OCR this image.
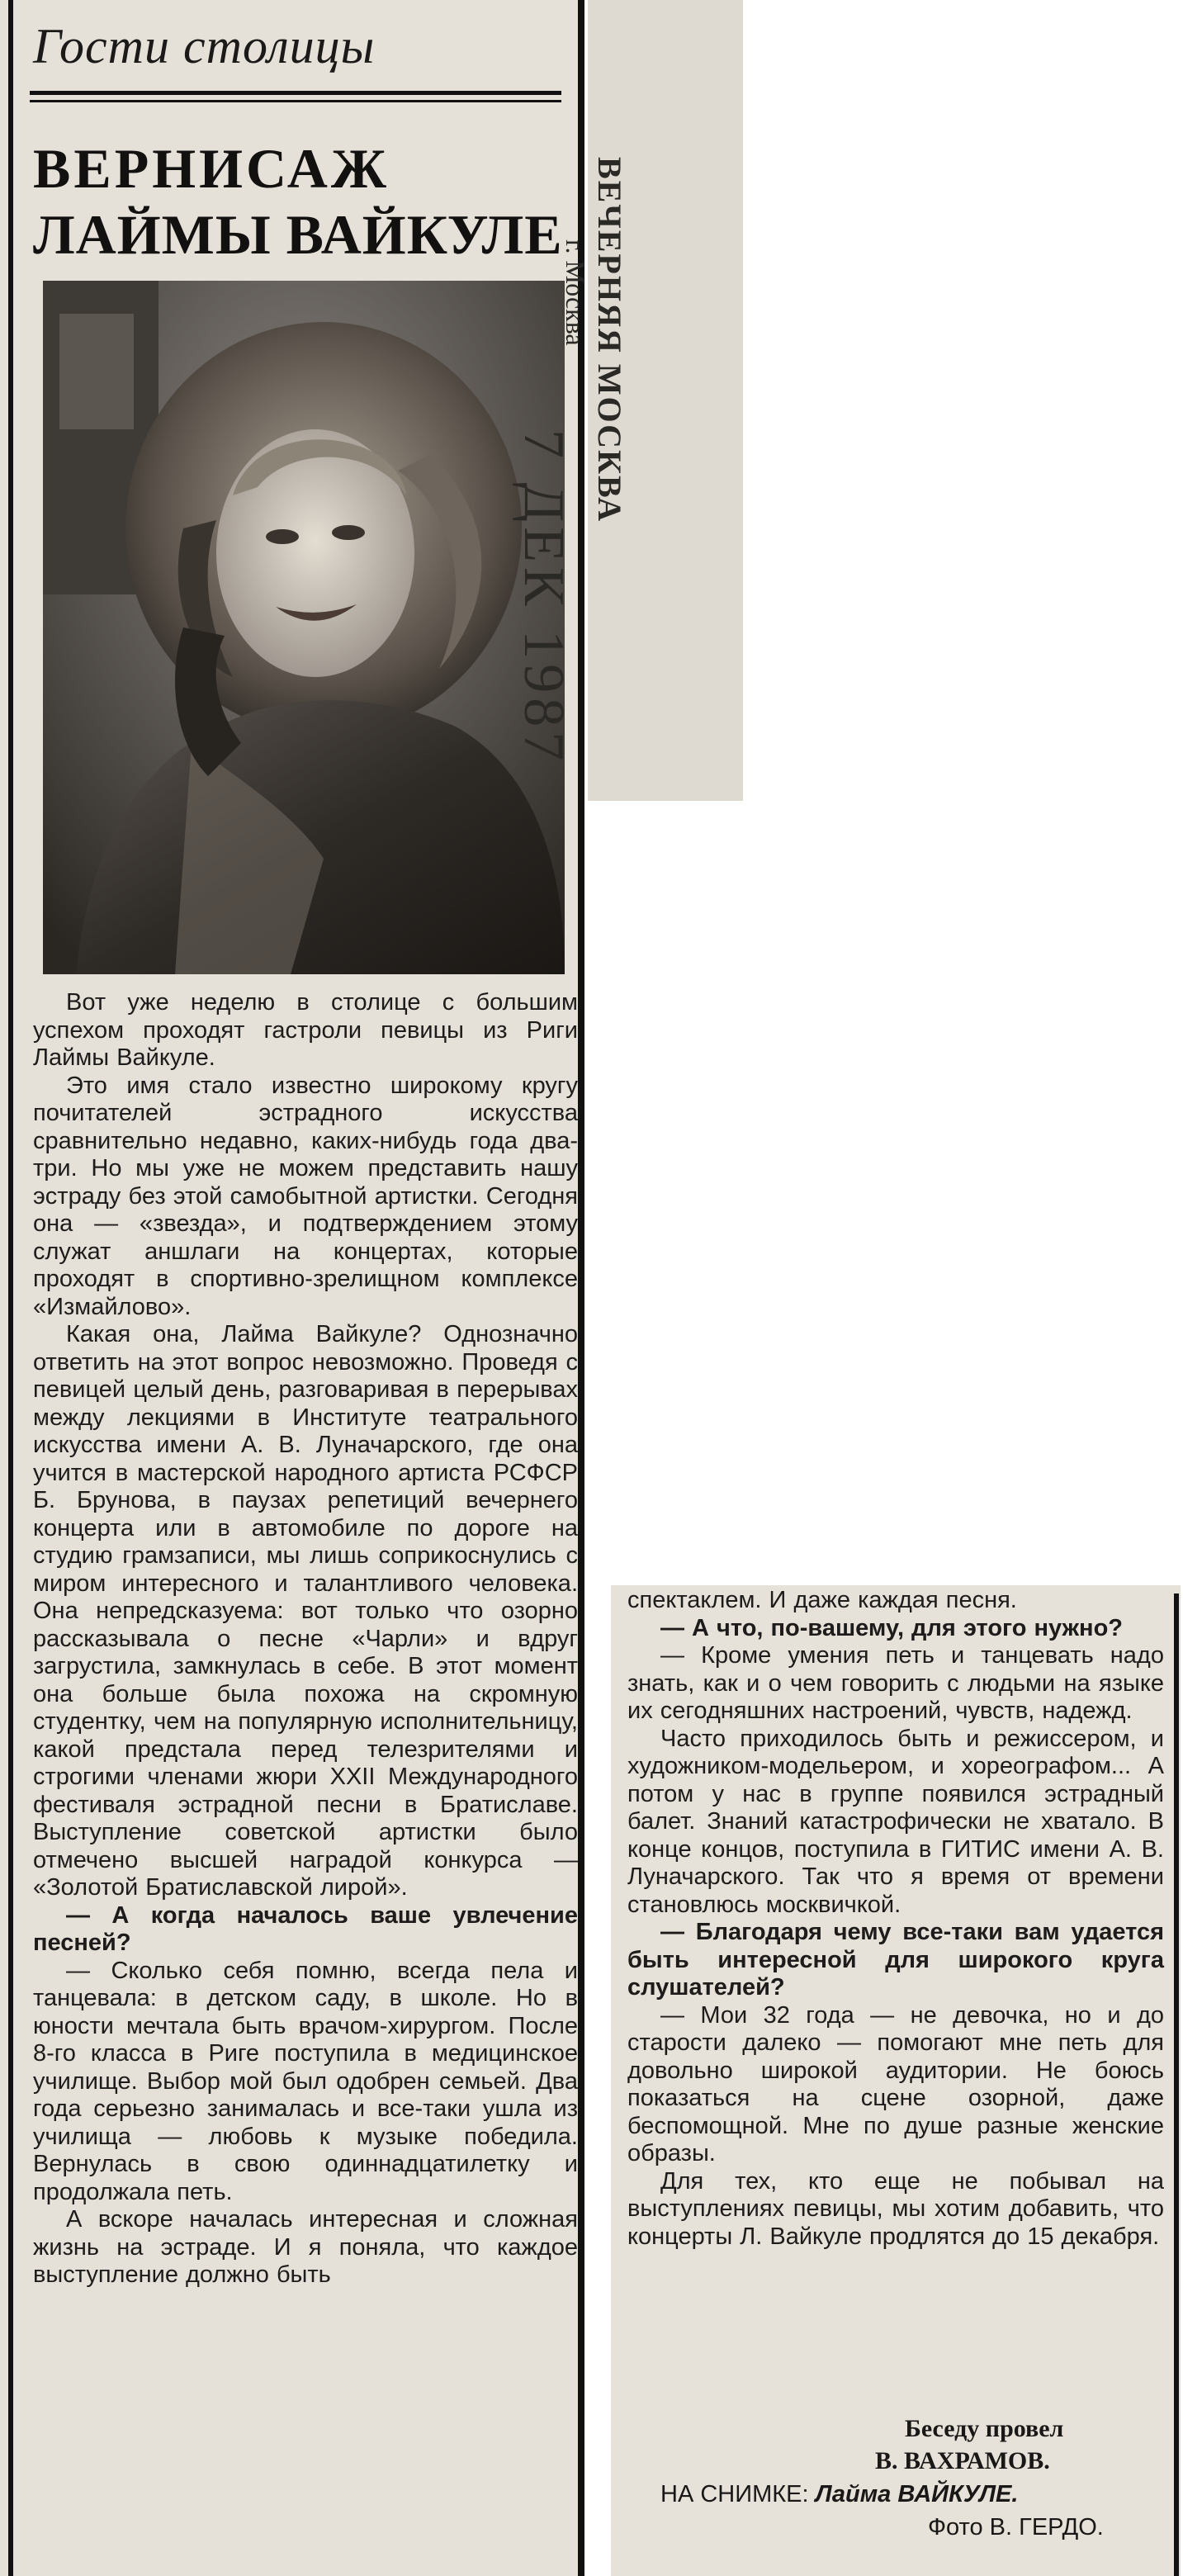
Гости столицы
ВЕРНИСАЖ
ЛАЙМЫ ВАЙКУЛЕ ВЕЧЕРНЯЯ МОСКВА
г. Москва
7 ДЕК 1987

Вот уже неделю в столице с большим успехом проходят гастроли певицы из Риги Лаймы Вайкуле.

Это имя стало известно широкому кругу почитателей эстрадного искусства сравнительно недавно, каких-нибудь года два-три. Но мы уже не можем представить нашу эстраду без этой самобытной артистки. Сегодня она — «звезда», и подтверждением этому служат аншлаги на концертах, которые проходят в спортивно-зрелищном комплексе «Измайлово».

Какая она, Лайма Вайкуле? Однозначно ответить на этот вопрос невозможно. Проведя с певицей целый день, разговаривая в перерывах между лекциями в Институте театрального искусства имени А. В. Луначарского, где она учится в мастерской народного артиста РСФСР Б. Брунова, в паузах репетиций вечернего концерта или в автомобиле по дороге на студию грамзаписи, мы лишь соприкоснулись с миром интересного и талантливого человека. Она непредсказуема: вот только что озорно рассказывала о песне «Чарли» и вдруг загрустила, замкнулась в себе. В этот момент она больше была похожа на скромную студентку, чем на популярную исполнительницу, какой предстала перед телезрителями и строгими членами жюри XXII Международного фестиваля эстрадной песни в Братиславе. Выступление советской артистки было отмечено высшей наградой конкурса — «Золотой Братиславской лирой».

— А когда началось ваше увлечение песней?

— Сколько себя помню, всегда пела и танцевала: в детском саду, в школе. Но в юности мечтала быть врачом-хирургом. После 8-го класса в Риге поступила в медицинское училище. Выбор мой был одобрен семьей. Два года серьезно занималась и все-таки ушла из училища — любовь к музыке победила. Вернулась в свою одиннадцатилетку и продолжала петь.

А вскоре началась интересная и сложная жизнь на эстраде. И я поняла, что каждое выступление должно быть

спектаклем. И даже каждая песня.

— А что, по-вашему, для этого нужно?

— Кроме умения петь и танцевать надо знать, как и о чем говорить с людьми на языке их сегодняшних настроений, чувств, надежд.

Часто приходилось быть и режиссером, и художником-модельером, и хореографом... А потом у нас в группе появился эстрадный балет. Знаний катастрофически не хватало. В конце концов, поступила в ГИТИС имени А. В. Луначарского. Так что я время от времени становлюсь москвичкой.

— Благодаря чему все-таки вам удается быть интересной для широкого круга слушателей?

— Мои 32 года — не девочка, но и до старости далеко — помогают мне петь для довольно широкой аудитории. Не боюсь показаться на сцене озорной, даже беспомощной. Мне по душе разные женские образы.

Для тех, кто еще не побывал на выступлениях певицы, мы хотим добавить, что концерты Л. Вайкуле продлятся до 15 декабря.

Беседу провел
В. ВАХРАМОВ.
НА СНИМКЕ: Лайма ВАЙКУЛЕ.
Фото В. ГЕРДО.
